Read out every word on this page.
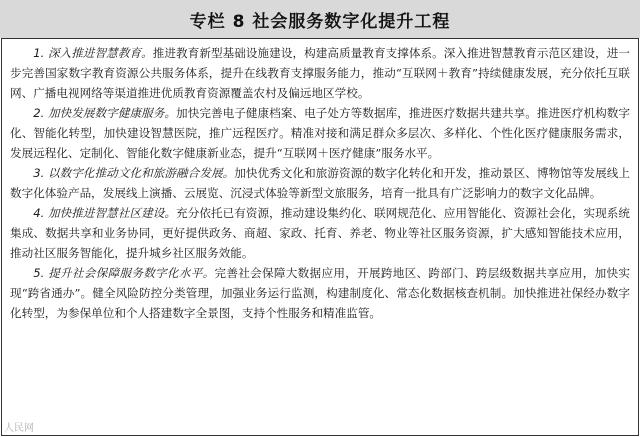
专栏 8 社会服务数字化提升工程

1. 深入推进智慧教育。推进教育新型基础设施建设，构建高质量教育支撑体系。深入推进智慧教育示范区建设，进一步完善国家数字教育资源公共服务体系，提升在线教育支撑服务能力，推动“互联网＋教育”持续健康发展，充分依托互联网、广播电视网络等渠道推进优质教育资源覆盖农村及偏远地区学校。

2. 加快发展数字健康服务。加快完善电子健康档案、电子处方等数据库，推进医疗数据共建共享。推进医疗机构数字化、智能化转型，加快建设智慧医院，推广远程医疗。精准对接和满足群众多层次、多样化、个性化医疗健康服务需求，发展远程化、定制化、智能化数字健康新业态，提升“互联网＋医疗健康”服务水平。

3. 以数字化推动文化和旅游融合发展。加快优秀文化和旅游资源的数字化转化和开发，推动景区、博物馆等发展线上数字化体验产品，发展线上演播、云展览、沉浸式体验等新型文旅服务，培育一批具有广泛影响力的数字文化品牌。

4. 加快推进智慧社区建设。充分依托已有资源，推动建设集约化、联网规范化、应用智能化、资源社会化，实现系统集成、数据共享和业务协同，更好提供政务、商超、家政、托育、养老、物业等社区服务资源，扩大感知智能技术应用，推动社区服务智能化，提升城乡社区服务效能。

5. 提升社会保障服务数字化水平。完善社会保障大数据应用，开展跨地区、跨部门、跨层级数据共享应用，加快实现“跨省通办”。健全风险防控分类管理，加强业务运行监测，构建制度化、常态化数据核查机制。加快推进社保经办数字化转型，为参保单位和个人搭建数字全景图，支持个性服务和精准监管。

人民网
